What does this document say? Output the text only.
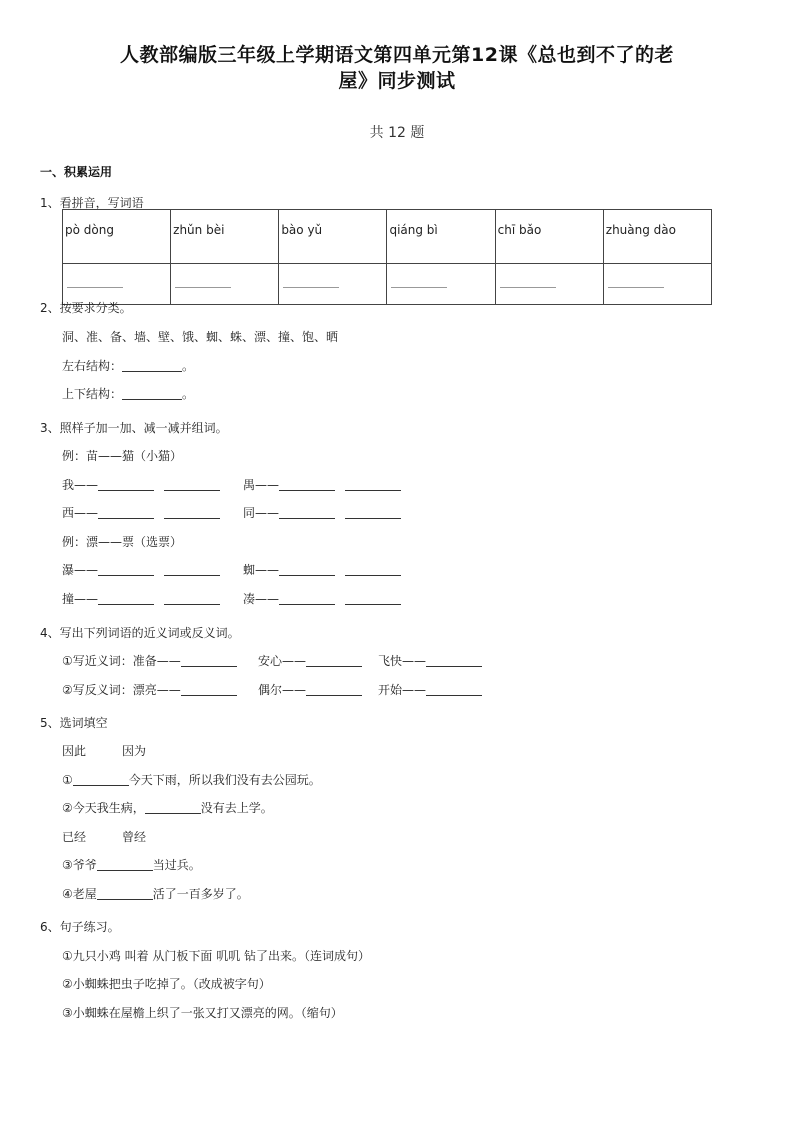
人教部编版三年级上学期语文第四单元第12课《总也到不了的老
屋》同步测试
共 12 题
一、积累运用
1、看拼音，写词语
pò dòng	zhǔn bèi	bào yǔ	qiáng bì	chī bǎo	zhuàng dào

2、按要求分类。
洞、准、备、墙、壁、饿、蜘、蛛、漂、撞、饱、晒
左右结构：	。
上下结构：	。
3、照样子加一加、减一减并组词。
例：苗——猫（小猫）
我——	禺——
西——	同——
例：漂——票（选票）
瀑——	蜘——
撞——	凑——
4、写出下列词语的近义词或反义词。
①写近义词：准备——	安心——	飞快——
②写反义词：漂亮——	偶尔——	开始——
5、选词填空
因此	因为
①	今天下雨，所以我们没有去公园玩。
②今天我生病，	没有去上学。
已经	曾经
③爷爷	当过兵。
④老屋	活了一百多岁了。
6、句子练习。
①九只小鸡 叫着 从门板下面 叽叽 钻了出来。（连词成句）
②小蜘蛛把虫子吃掉了。（改成被字句）
③小蜘蛛在屋檐上织了一张又打又漂亮的网。（缩句）
